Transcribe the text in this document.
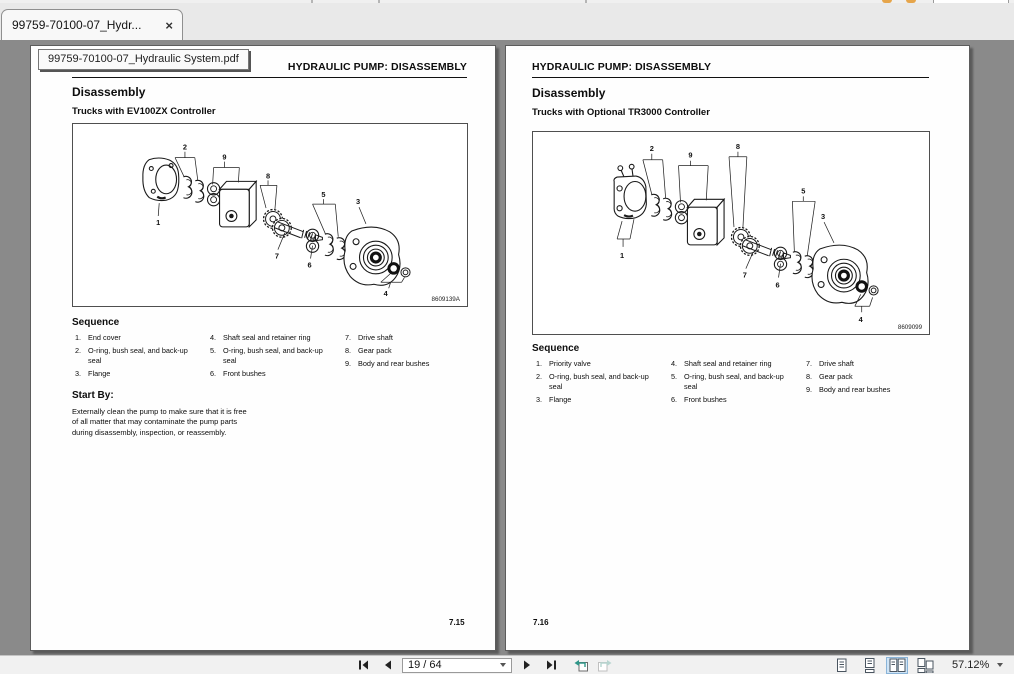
99759-70100-07_Hydr...	×
HYDRAULIC PUMP: DISASSEMBLY
Disassembly
Trucks with EV100ZX Controller
1
2
3
4
5
6
7
8
9
8609139A
Sequence
1. End cover
2. O-ring, bush seal, and back-up seal
3. Flange
4. Shaft seal and retainer ring
5. O-ring, bush seal, and back-up seal
6. Front bushes
7. Drive shaft
8. Gear pack
9. Body and rear bushes
Start By:
Externally clean the pump to make sure that it is free of all matter that may contaminate the pump parts during disassembly, inspection, or reassembly.
7.15
HYDRAULIC PUMP: DISASSEMBLY
Disassembly
Trucks with Optional TR3000 Controller
1
2
3
4
5
6
7
8
9
8609099
Sequence
1. Priority valve
2. O-ring, bush seal, and back-up seal
3. Flange
4. Shaft seal and retainer ring
5. O-ring, bush seal, and back-up seal
6. Front bushes
7. Drive shaft
8. Gear pack
9. Body and rear bushes
7.16
99759-70100-07_Hydraulic System.pdf
19 / 64	57.12%
